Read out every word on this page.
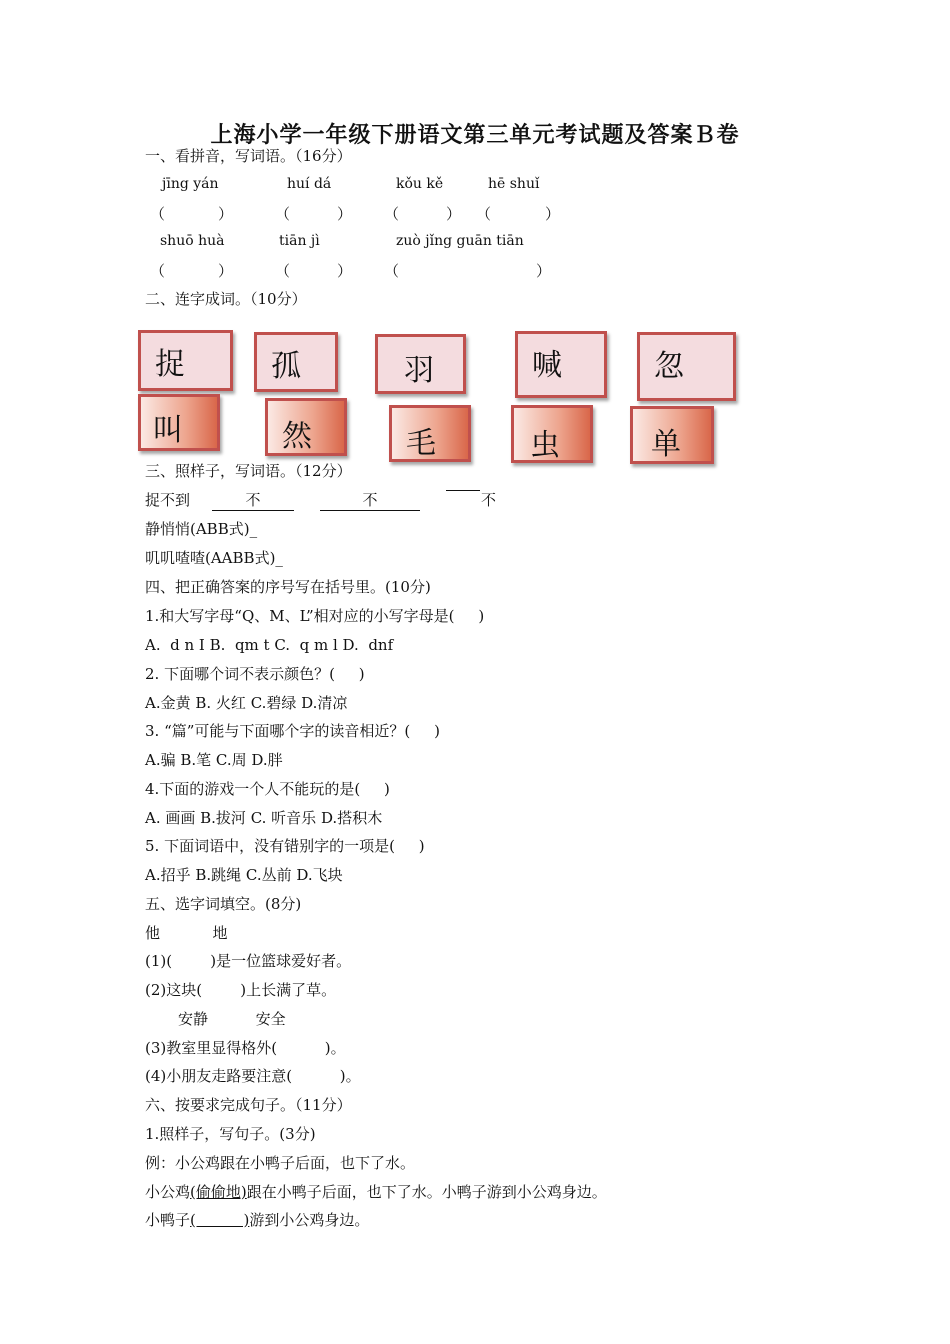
上海小学一年级下册语文第三单元考试题及答案Ｂ卷
一、看拼音，写词语。（16分）
jīng yán	huí dá	kǒu kě	hē shuǐ
（	）	（	） （	） （	）
shuō huà	tiān jì	zuò jǐng guān tiān
（	）	（	） （	）
二、连字成词。（10分）
捉	孤	羽	喊	忽
叫	然	毛	虫	单
三、照样子，写词语。（12分）
捉不到	不	不	不
静悄悄(ABB式)_
叽叽喳喳(AABB式)_
四、把正确答案的序号写在括号里。(10分)
1.和大写字母“Q、M、L”相对应的小写字母是(     )
A.  d n I B.  qm t C.  q m l D.  dnf
2. 下面哪个词不表示颜色？(     )
A.金黄 B. 火红 C.碧绿 D.清凉
3. “篇”可能与下面哪个字的读音相近？(     )
A.骗 B.笔 C.周 D.胖
4.下面的游戏一个人不能玩的是(     )
A. 画画 B.拔河 C. 听音乐 D.搭积木
5. 下面词语中，没有错别字的一项是(     )
A.招乎 B.跳绳 C.丛前 D.飞块
五、选字词填空。(8分)
他           地
(1)(        )是一位篮球爱好者。
(2)这块(        )上长满了草。
安静          安全
(3)教室里显得格外(          )。
(4)小朋友走路要注意(          )。
六、按要求完成句子。（11分）
1.照样子，写句子。(3分)
例：小公鸡跟在小鸭子后面，也下了水。
小公鸡(偷偷地)跟在小鸭子后面，也下了水。小鸭子游到小公鸡身边。
小鸭子(          )游到小公鸡身边。
